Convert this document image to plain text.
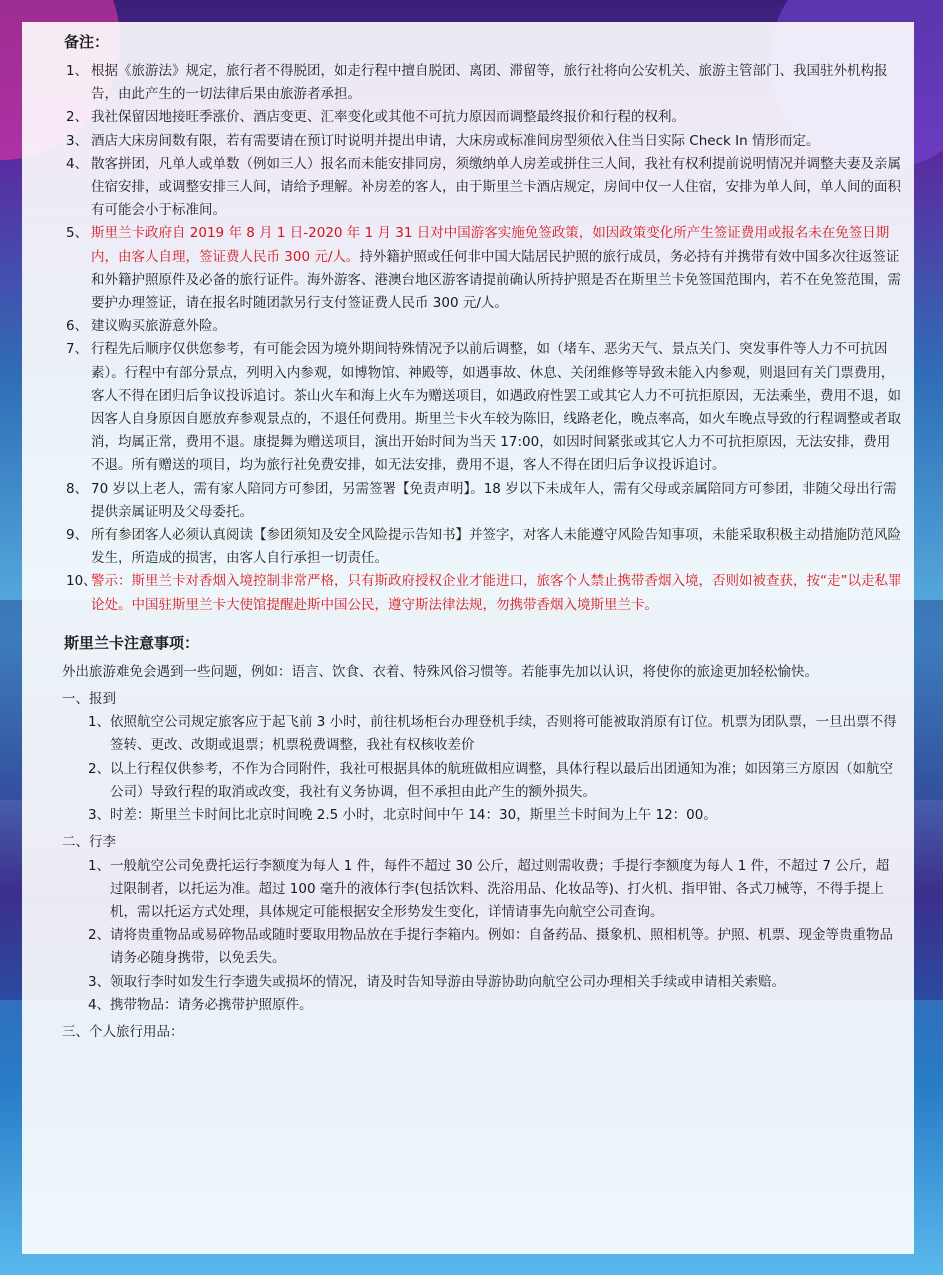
备注：

1、 根据《旅游法》规定，旅行者不得脱团，如走行程中擅自脱团、离团、滞留等，旅行社将向公安机关、旅游主管部门、我国驻外机构报告，由此产生的一切法律后果由旅游者承担。

2、 我社保留因地接旺季涨价、酒店变更、汇率变化或其他不可抗力原因而调整最终报价和行程的权利。

3、 酒店大床房间数有限，若有需要请在预订时说明并提出申请，大床房或标准间房型须依入住当日实际 Check In 情形而定。

4、 散客拼团，凡单人或单数（例如三人）报名而未能安排同房，须缴纳单人房差或拼住三人间，我社有权利提前说明情况并调整夫妻及亲属住宿安排，或调整安排三人间，请给予理解。补房差的客人，由于斯里兰卡酒店规定，房间中仅一人住宿，安排为单人间，单人间的面积有可能会小于标准间。

5、 斯里兰卡政府自 2019 年 8 月 1 日-2020 年 1 月 31 日对中国游客实施免签政策，如因政策变化所产生签证费用或报名未在免签日期内，由客人自理，签证费人民币 300 元/人。持外籍护照或任何非中国大陆居民护照的旅行成员，务必持有并携带有效中国多次往返签证和外籍护照原件及必备的旅行证件。海外游客、港澳台地区游客请提前确认所持护照是否在斯里兰卡免签国范围内，若不在免签范围，需要护办理签证，请在报名时随团款另行支付签证费人民币 300 元/人。

6、 建议购买旅游意外险。

7、 行程先后顺序仅供您参考，有可能会因为境外期间特殊情况予以前后调整，如（堵车、恶劣天气、景点关门、突发事件等人力不可抗因素）。行程中有部分景点，列明入内参观，如博物馆、神殿等，如遇事故、休息、关闭维修等导致未能入内参观，则退回有关门票费用，客人不得在团归后争议投诉追讨。茶山火车和海上火车为赠送项目，如遇政府性罢工或其它人力不可抗拒原因，无法乘坐，费用不退，如因客人自身原因自愿放弃参观景点的，不退任何费用。斯里兰卡火车较为陈旧，线路老化，晚点率高，如火车晚点导致的行程调整或者取消，均属正常，费用不退。康提舞为赠送项目，演出开始时间为当天 17:00，如因时间紧张或其它人力不可抗拒原因，无法安排，费用不退。所有赠送的项目，均为旅行社免费安排，如无法安排，费用不退，客人不得在团归后争议投诉追讨。

8、 70 岁以上老人，需有家人陪同方可参团，另需签署【免责声明】。18 岁以下未成年人，需有父母或亲属陪同方可参团，非随父母出行需提供亲属证明及父母委托。

9、 所有参团客人必须认真阅读【参团须知及安全风险提示告知书】并签字，对客人未能遵守风险告知事项，未能采取积极主动措施防范风险发生，所造成的损害，由客人自行承担一切责任。

10、
警示：斯里兰卡对香烟入境控制非常严格，只有斯政府授权企业才能进口，旅客个人禁止携带香烟入境，否则如被查获，按“走”以走私罪论处。中国驻斯里兰卡大使馆提醒赴斯中国公民，遵守斯法律法规，勿携带香烟入境斯里兰卡。

斯里兰卡注意事项：

外出旅游难免会遇到一些问题，例如：语言、饮食、衣着、特殊风俗习惯等。若能事先加以认识，将使你的旅途更加轻松愉快。

一、报到

1、 依照航空公司规定旅客应于起飞前 3 小时，前往机场柜台办理登机手续，否则将可能被取消原有订位。机票为团队票，一旦出票不得签转、更改、改期或退票；机票税费调整，我社有权核收差价

2、 以上行程仅供参考，不作为合同附件，我社可根据具体的航班做相应调整，具体行程以最后出团通知为准；如因第三方原因（如航空公司）导致行程的取消或改变，我社有义务协调，但不承担由此产生的额外损失。

3、 时差：斯里兰卡时间比北京时间晚 2.5 小时，北京时间中午 14：30，斯里兰卡时间为上午 12：00。

二、行李

1、 一般航空公司免费托运行李额度为每人 1 件，每件不超过 30 公斤，超过则需收费；手提行李额度为每人 1 件，不超过 7 公斤，超过限制者，以托运为准。超过 100 毫升的液体行李(包括饮料、洗浴用品、化妆品等)、打火机、指甲钳、各式刀械等，不得手提上机，需以托运方式处理，具体规定可能根据安全形势发生变化，详情请事先向航空公司查询。

2、 请将贵重物品或易碎物品或随时要取用物品放在手提行李箱内。例如：自备药品、摄象机、照相机等。护照、机票、现金等贵重物品请务必随身携带，以免丢失。

3、 领取行李时如发生行李遗失或损坏的情况，请及时告知导游由导游协助向航空公司办理相关手续或申请相关索赔。

4、 携带物品：请务必携带护照原件。

三、个人旅行用品：
